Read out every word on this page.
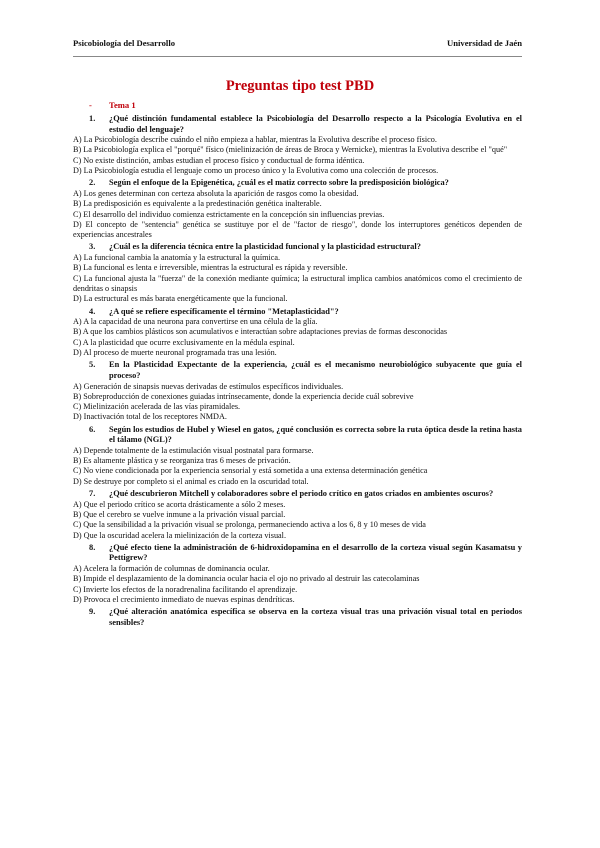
Psicobiología del Desarrollo	Universidad de Jaén
Preguntas tipo test PBD
- Tema 1
1. ¿Qué distinción fundamental establece la Psicobiología del Desarrollo respecto a la Psicología Evolutiva en el estudio del lenguaje?
A) La Psicobiología describe cuándo el niño empieza a hablar, mientras la Evolutiva describe el proceso físico.
B) La Psicobiología explica el "porqué" físico (mielinización de áreas de Broca y Wernicke), mientras la Evolutiva describe el "qué"
C) No existe distinción, ambas estudian el proceso físico y conductual de forma idéntica.
D) La Psicobiología estudia el lenguaje como un proceso único y la Evolutiva como una colección de procesos.
2. Según el enfoque de la Epigenética, ¿cuál es el matiz correcto sobre la predisposición biológica?
A) Los genes determinan con certeza absoluta la aparición de rasgos como la obesidad.
B) La predisposición es equivalente a la predestinación genética inalterable.
C) El desarrollo del individuo comienza estrictamente en la concepción sin influencias previas.
D) El concepto de "sentencia" genética se sustituye por el de "factor de riesgo", donde los interruptores genéticos dependen de experiencias ancestrales
3. ¿Cuál es la diferencia técnica entre la plasticidad funcional y la plasticidad estructural?
A) La funcional cambia la anatomía y la estructural la química.
B) La funcional es lenta e irreversible, mientras la estructural es rápida y reversible.
C) La funcional ajusta la "fuerza" de la conexión mediante química; la estructural implica cambios anatómicos como el crecimiento de dendritas o sinapsis
D) La estructural es más barata energéticamente que la funcional.
4. ¿A qué se refiere específicamente el término "Metaplasticidad"?
A) A la capacidad de una neurona para convertirse en una célula de la glía.
B) A que los cambios plásticos son acumulativos e interactúan sobre adaptaciones previas de formas desconocidas
C) A la plasticidad que ocurre exclusivamente en la médula espinal.
D) Al proceso de muerte neuronal programada tras una lesión.
5. En la Plasticidad Expectante de la experiencia, ¿cuál es el mecanismo neurobiológico subyacente que guía el proceso?
A) Generación de sinapsis nuevas derivadas de estímulos específicos individuales.
B) Sobreproducción de conexiones guiadas intrínsecamente, donde la experiencia decide cuál sobrevive
C) Mielinización acelerada de las vías piramidales.
D) Inactivación total de los receptores NMDA.
6. Según los estudios de Hubel y Wiesel en gatos, ¿qué conclusión es correcta sobre la ruta óptica desde la retina hasta el tálamo (NGL)?
A) Depende totalmente de la estimulación visual postnatal para formarse.
B) Es altamente plástica y se reorganiza tras 6 meses de privación.
C) No viene condicionada por la experiencia sensorial y está sometida a una extensa determinación genética
D) Se destruye por completo si el animal es criado en la oscuridad total.
7. ¿Qué descubrieron Mitchell y colaboradores sobre el periodo crítico en gatos criados en ambientes oscuros?
A) Que el periodo crítico se acorta drásticamente a sólo 2 meses.
B) Que el cerebro se vuelve inmune a la privación visual parcial.
C) Que la sensibilidad a la privación visual se prolonga, permaneciendo activa a los 6, 8 y 10 meses de vida
D) Que la oscuridad acelera la mielinización de la corteza visual.
8. ¿Qué efecto tiene la administración de 6-hidroxidopamina en el desarrollo de la corteza visual según Kasamatsu y Pettigrew?
A) Acelera la formación de columnas de dominancia ocular.
B) Impide el desplazamiento de la dominancia ocular hacia el ojo no privado al destruir las catecolaminas
C) Invierte los efectos de la noradrenalina facilitando el aprendizaje.
D) Provoca el crecimiento inmediato de nuevas espinas dendríticas.
9. ¿Qué alteración anatómica específica se observa en la corteza visual tras una privación visual total en periodos sensibles?
